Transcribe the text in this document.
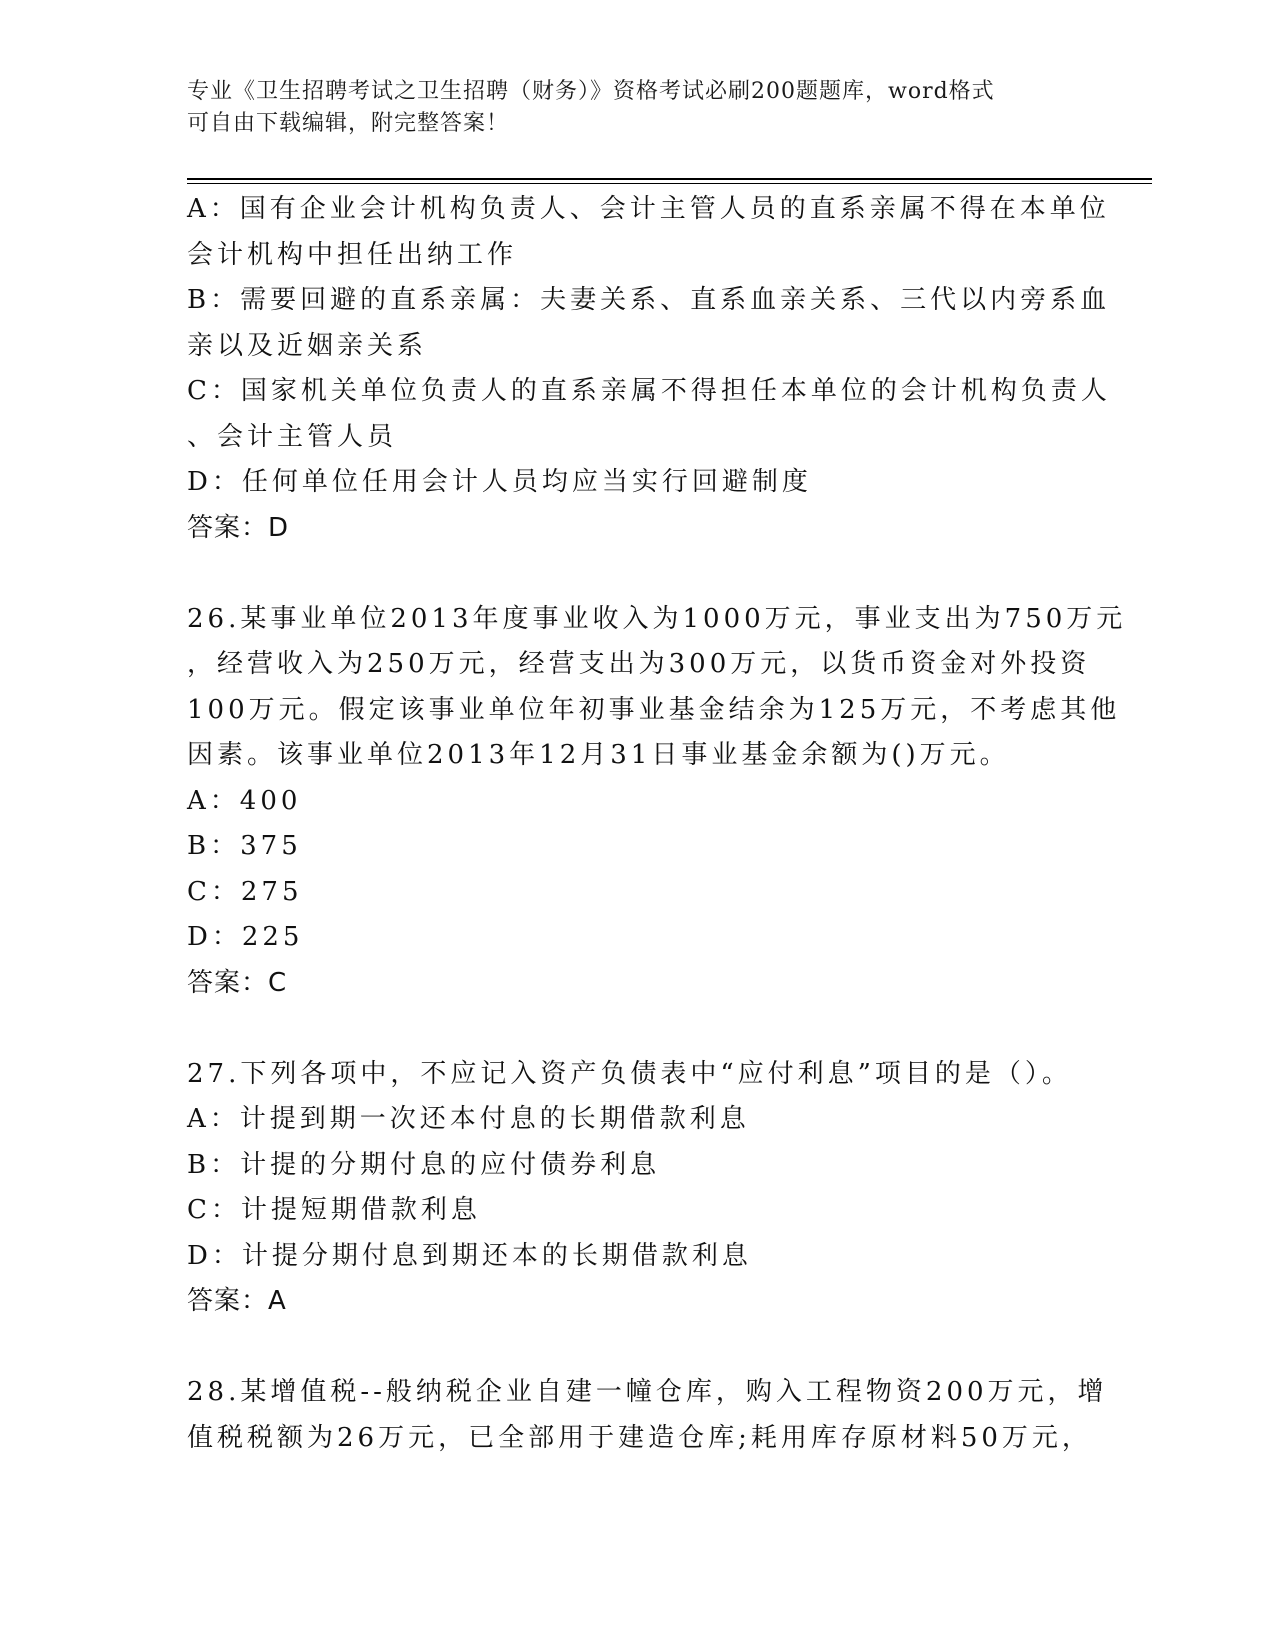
专业《卫生招聘考试之卫生招聘（财务）》资格考试必刷200题题库，word格式
可自由下载编辑，附完整答案！
A：国有企业会计机构负责人、会计主管人员的直系亲属不得在本单位
会计机构中担任出纳工作
B：需要回避的直系亲属：夫妻关系、直系血亲关系、三代以内旁系血
亲以及近姻亲关系
C：国家机关单位负责人的直系亲属不得担任本单位的会计机构负责人
、会计主管人员
D：任何单位任用会计人员均应当实行回避制度
答案：D
26.某事业单位2013年度事业收入为1000万元，事业支出为750万元
，经营收入为250万元，经营支出为300万元，以货币资金对外投资
100万元。假定该事业单位年初事业基金结余为125万元，不考虑其他
因素。该事业单位2013年12月31日事业基金余额为()万元。
A：400
B：375
C：275
D：225
答案：C
27.下列各项中，不应记入资产负债表中“应付利息”项目的是（）。
A：计提到期一次还本付息的长期借款利息
B：计提的分期付息的应付债券利息
C：计提短期借款利息
D：计提分期付息到期还本的长期借款利息
答案：A
28.某增值税--般纳税企业自建一幢仓库，购入工程物资200万元，增
值税税额为26万元，已全部用于建造仓库;耗用库存原材料50万元，
